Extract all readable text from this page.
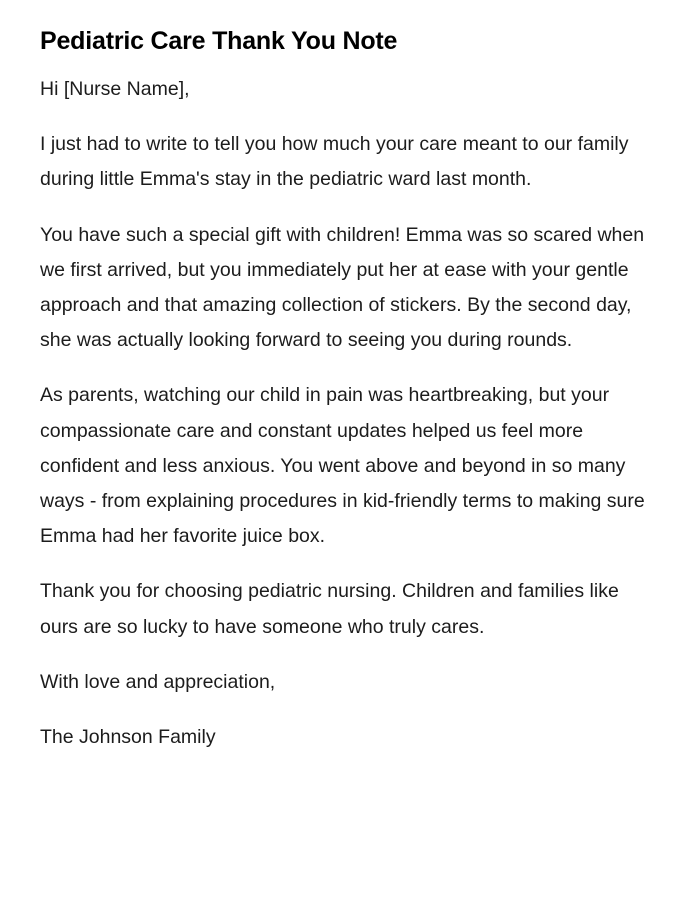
Pediatric Care Thank You Note

Hi [Nurse Name],

I just had to write to tell you how much your care meant to our family during little Emma's stay in the pediatric ward last month.

You have such a special gift with children! Emma was so scared when we first arrived, but you immediately put her at ease with your gentle approach and that amazing collection of stickers. By the second day, she was actually looking forward to seeing you during rounds.

As parents, watching our child in pain was heartbreaking, but your compassionate care and constant updates helped us feel more confident and less anxious. You went above and beyond in so many ways - from explaining procedures in kid-friendly terms to making sure Emma had her favorite juice box.

Thank you for choosing pediatric nursing. Children and families like ours are so lucky to have someone who truly cares.

With love and appreciation,

The Johnson Family
